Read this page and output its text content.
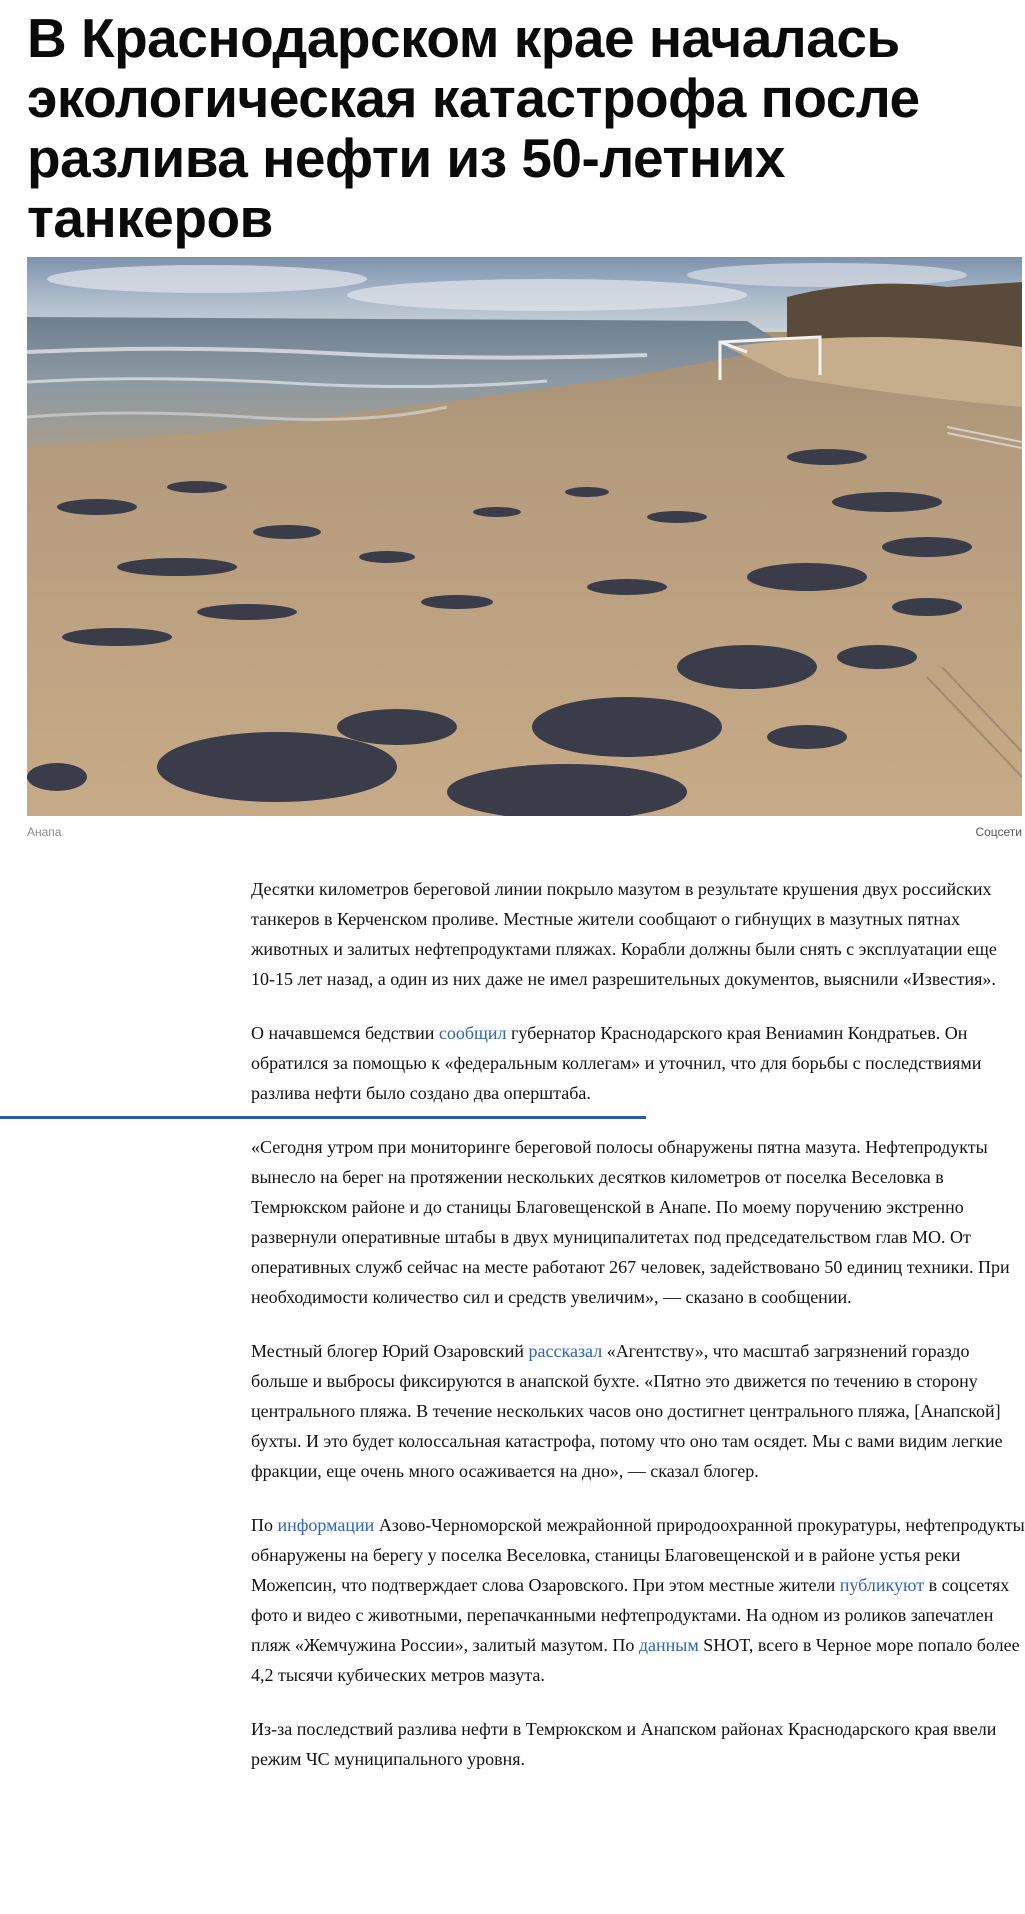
В Краснодарском крае началась экологическая катастрофа после разлива нефти из 50-летних танкеров
Анапа	Соцсети

Десятки километров береговой линии покрыло мазутом в результате крушения двух российских танкеров в Керченском проливе. Местные жители сообщают о гибнущих в мазутных пятнах животных и залитых нефтепродуктами пляжах. Корабли должны были снять с эксплуатации еще 10-15 лет назад, а один из них даже не имел разрешительных документов, выяснили «Известия».

О начавшемся бедствии сообщил губернатор Краснодарского края Вениамин Кондратьев. Он обратился за помощью к «федеральным коллегам» и уточнил, что для борьбы с последствиями разлива нефти было создано два оперштаба.

«Сегодня утром при мониторинге береговой полосы обнаружены пятна мазута. Нефтепродукты вынесло на берег на протяжении нескольких десятков километров от поселка Веселовка в Темрюкском районе и до станицы Благовещенской в Анапе. По моему поручению экстренно развернули оперативные штабы в двух муниципалитетах под председательством глав МО. От оперативных служб сейчас на месте работают 267 человек, задействовано 50 единиц техники. При необходимости количество сил и средств увеличим», — сказано в сообщении.

Местный блогер Юрий Озаровский рассказал «Агентству», что масштаб загрязнений гораздо больше и выбросы фиксируются в анапской бухте. «Пятно это движется по течению в сторону центрального пляжа. В течение нескольких часов оно достигнет центрального пляжа, [Анапской] бухты. И это будет колоссальная катастрофа, потому что оно там осядет. Мы с вами видим легкие фракции, еще очень много осаживается на дно», — сказал блогер.

По информации Азово-Черноморской межрайонной природоохранной прокуратуры, нефтепродукты обнаружены на берегу у поселка Веселовка, станицы Благовещенской и в районе устья реки Можепсин, что подтверждает слова Озаровского. При этом местные жители публикуют в соцсетях фото и видео с животными, перепачканными нефтепродуктами. На одном из роликов запечатлен пляж «Жемчужина России», залитый мазутом. По данным SHOT, всего в Черное море попало более 4,2 тысячи кубических метров мазута.

Из-за последствий разлива нефти в Темрюкском и Анапском районах Краснодарского края ввели режим ЧС муниципального уровня.
